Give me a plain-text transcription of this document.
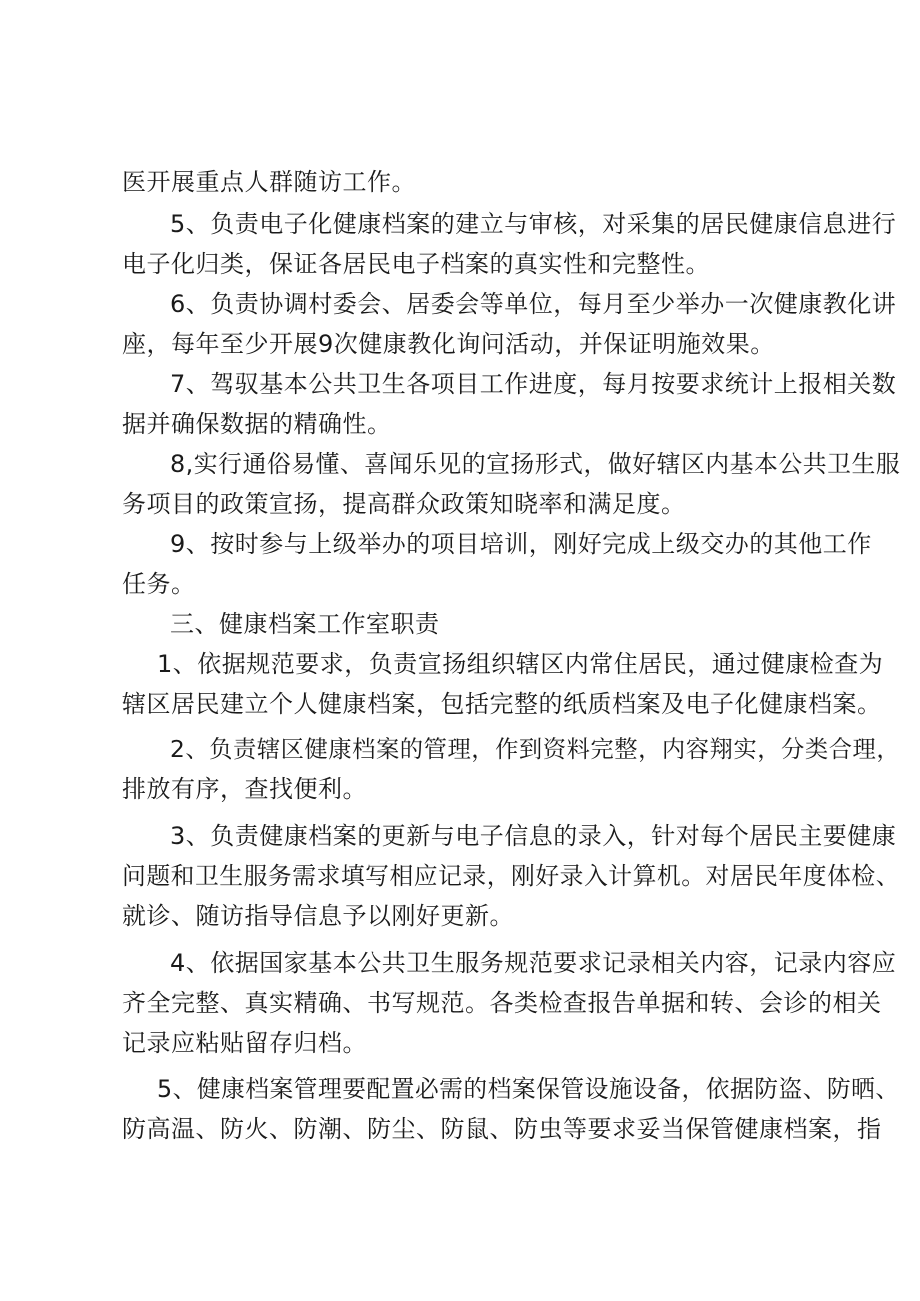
医开展重点人群随访工作。
5、负责电子化健康档案的建立与审核，对采集的居民健康信息进行
电子化归类，保证各居民电子档案的真实性和完整性。
6、负责协调村委会、居委会等单位，每月至少举办一次健康教化讲
座，每年至少开展9次健康教化询问活动，并保证明施效果。
7、驾驭基本公共卫生各项目工作进度，每月按要求统计上报相关数
据并确保数据的精确性。
8,实行通俗易懂、喜闻乐见的宣扬形式，做好辖区内基本公共卫生服
务项目的政策宣扬，提高群众政策知晓率和满足度。
9、按时参与上级举办的项目培训，刚好完成上级交办的其他工作
任务。
三、健康档案工作室职责
1、依据规范要求，负责宣扬组织辖区内常住居民，通过健康检查为
辖区居民建立个人健康档案，包括完整的纸质档案及电子化健康档案。
2、负责辖区健康档案的管理，作到资料完整，内容翔实，分类合理，
排放有序，查找便利。
3、负责健康档案的更新与电子信息的录入，针对每个居民主要健康
问题和卫生服务需求填写相应记录，刚好录入计算机。对居民年度体检、
就诊、随访指导信息予以刚好更新。
4、依据国家基本公共卫生服务规范要求记录相关内容，记录内容应
齐全完整、真实精确、书写规范。各类检查报告单据和转、会诊的相关
记录应粘贴留存归档。
5、健康档案管理要配置必需的档案保管设施设备，依据防盗、防晒、
防高温、防火、防潮、防尘、防鼠、防虫等要求妥当保管健康档案，指
